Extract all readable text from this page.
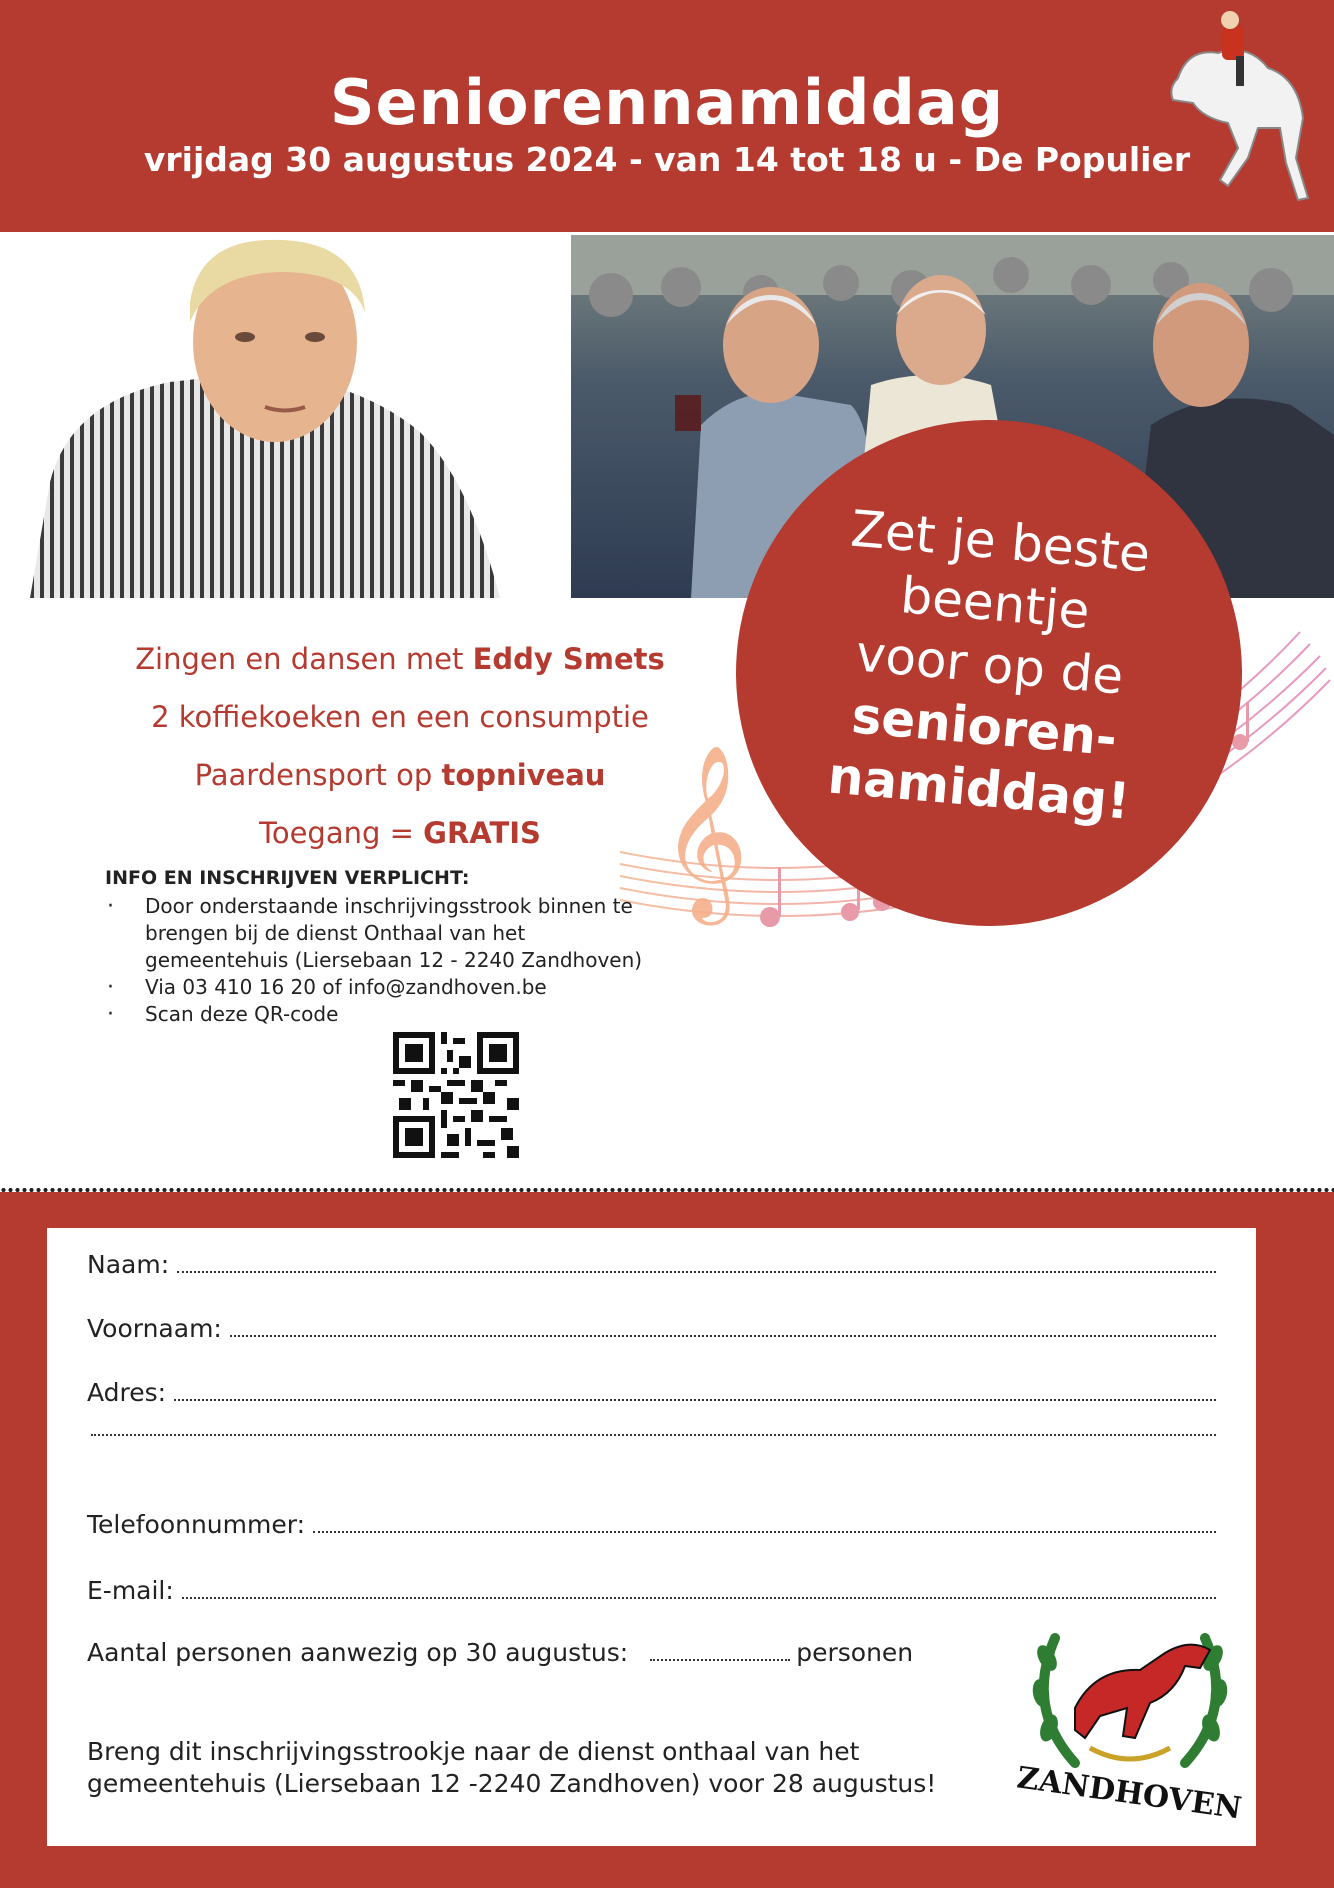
Seniorennamiddag
vrijdag 30 augustus 2024 - van 14 tot 18 u - De Populier
𝄞
Zet je beste
beentje
voor op de
senioren-
namiddag!
Zingen en dansen met Eddy Smets
2 koffiekoeken en een consumptie
Paardensport op topniveau
Toegang = GRATIS
INFO EN INSCHRIJVEN VERPLICHT:
· Door onderstaande inschrijvingsstrook binnen te brengen bij de dienst Onthaal van het gemeentehuis (Liersebaan 12 - 2240 Zandhoven)
· Via 03 410 16 20 of info@zandhoven.be
· Scan deze QR-code
Naam:
Voornaam:
Adres:
Telefoonnummer:
E-mail:
Aantal personen aanwezig op 30 augustus:	personen
Breng dit inschrijvingsstrookje naar de dienst onthaal van het gemeentehuis (Liersebaan 12 -2240 Zandhoven) voor 28 augustus!	ZANDHOVEN
